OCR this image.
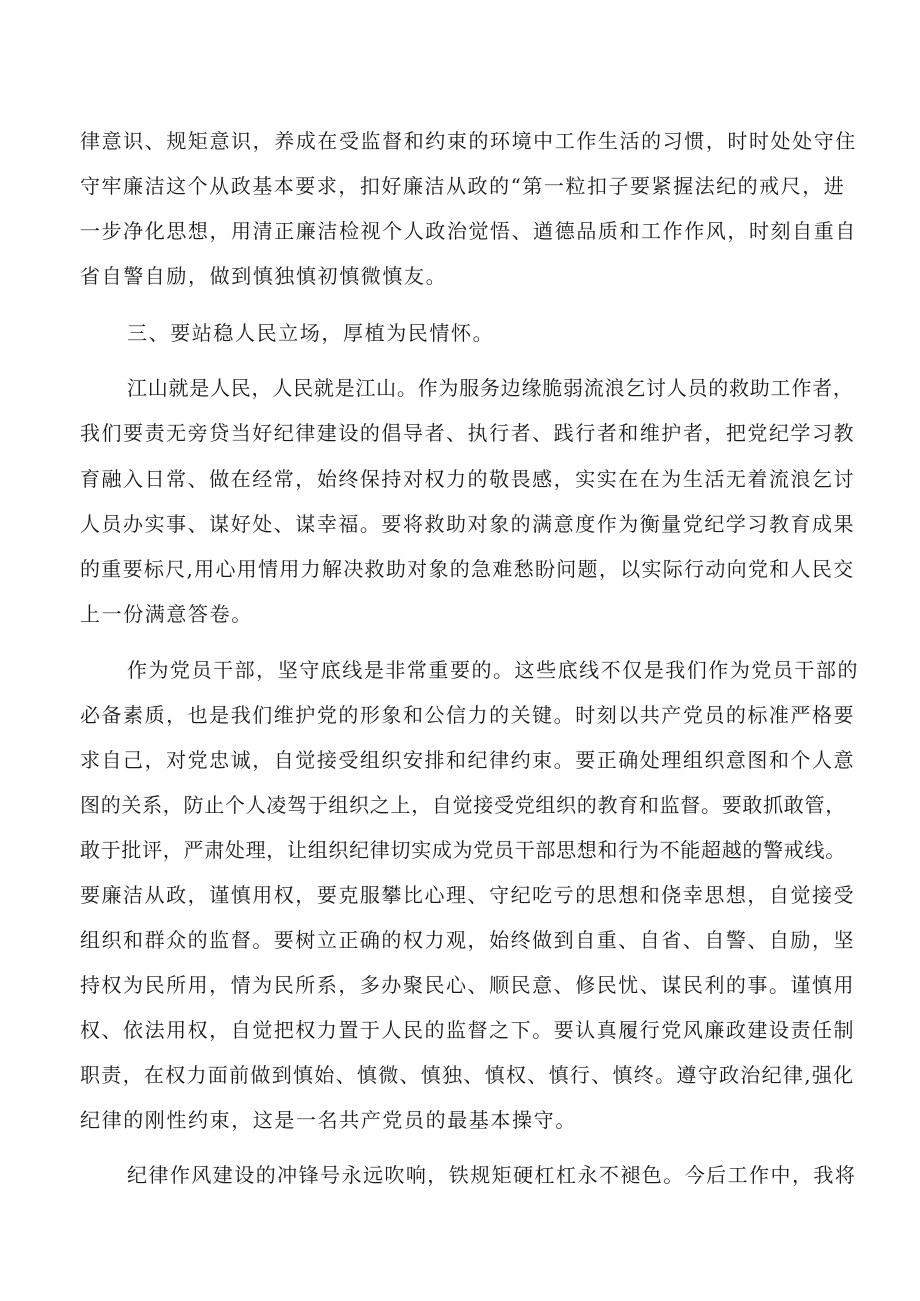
律意识、规矩意识，养成在受监督和约束的环境中工作生活的习惯，时时处处守住

守牢廉洁这个从政基本要求，扣好廉洁从政的“第一粒扣子要紧握法纪的戒尺，进

一步净化思想，用清正廉洁检视个人政治觉悟、遒德品质和工作作风，时刻自重自

省自警自励，做到慎独慎初慎微慎友。

三、要站稳人民立场，厚植为民情怀。

江山就是人民，人民就是江山。作为服务边缘脆弱流浪乞讨人员的救助工作者，

我们要责无旁贷当好纪律建设的倡导者、执行者、践行者和维护者，把党纪学习教

育融入日常、做在经常，始终保持对权力的敬畏感，实实在在为生活无着流浪乞讨

人员办实事、谋好处、谋幸福。要将救助对象的满意度作为衡量党纪学习教育成果

的重要标尺,用心用情用力解决救助对象的急难愁盼问题，以实际行动向党和人民交

上一份满意答卷。

作为党员干部，坚守底线是非常重要的。这些底线不仅是我们作为党员干部的

必备素质，也是我们维护党的形象和公信力的关键。时刻以共产党员的标准严格要

求自己，对党忠诚，自觉接受组织安排和纪律约束。要正确处理组织意图和个人意

图的关系，防止个人凌驾于组织之上，自觉接受党组织的教育和监督。要敢抓敢管，

敢于批评，严肃处理，让组织纪律切实成为党员干部思想和行为不能超越的警戒线。

要廉洁从政，谨慎用权，要克服攀比心理、守纪吃亏的思想和侥幸思想，自觉接受

组织和群众的监督。要树立正确的权力观，始终做到自重、自省、自警、自励，坚

持权为民所用，情为民所系，多办聚民心、顺民意、修民忧、谋民利的事。谨慎用

权、依法用权，自觉把权力置于人民的监督之下。要认真履行党风廉政建设责任制

职责，在权力面前做到慎始、慎微、慎独、慎权、慎行、慎终。遵守政治纪律,强化

纪律的刚性约束，这是一名共产党员的最基本操守。

纪律作风建设的冲锋号永远吹响，铁规矩硬杠杠永不褪色。今后工作中，我将
